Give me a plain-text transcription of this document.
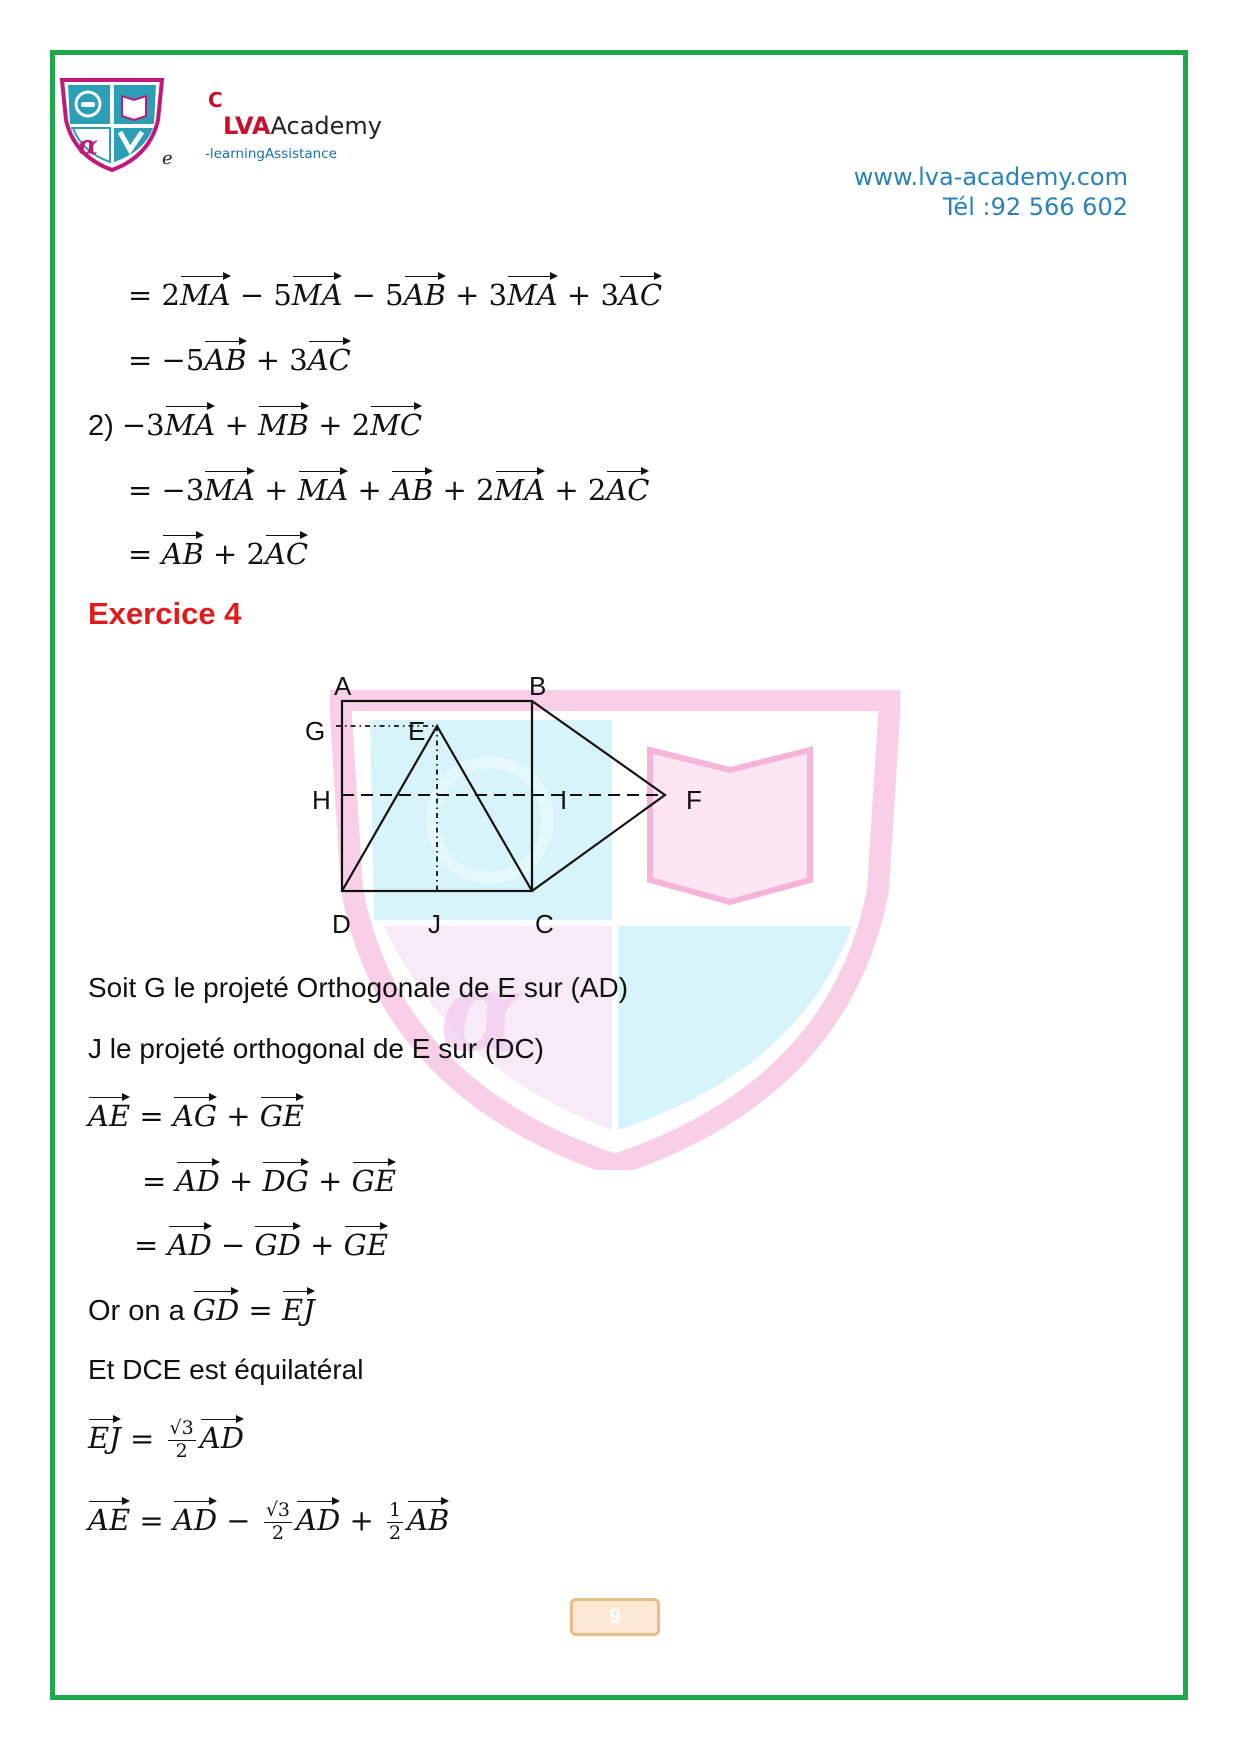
α
C
LVAAcademy
-learningAssistance
e
www.lva-academy.com
Tél :92 566 602
α
= 2MA − 5MA − 5AB + 3MA + 3AC
= −5AB + 3AC
2) −3MA + MB + 2MC
= −3MA + MA + AB + 2MA + 2AC
= AB + 2AC
Exercice 4
A	B
G	E
H	I	F
D	J	C
Soit G le projeté Orthogonale de E sur (AD)
J le projeté orthogonal de E sur (DC)
AE = AG + GE
= AD + DG + GE
= AD − GD + GE
Or on a GD = EJ
Et DCE est équilatéral
EJ = $\frac{√3}{2}$ AD
AE = AD − $\frac{√3}{2}$ AD + $\frac{1}{2}$ AB
9
